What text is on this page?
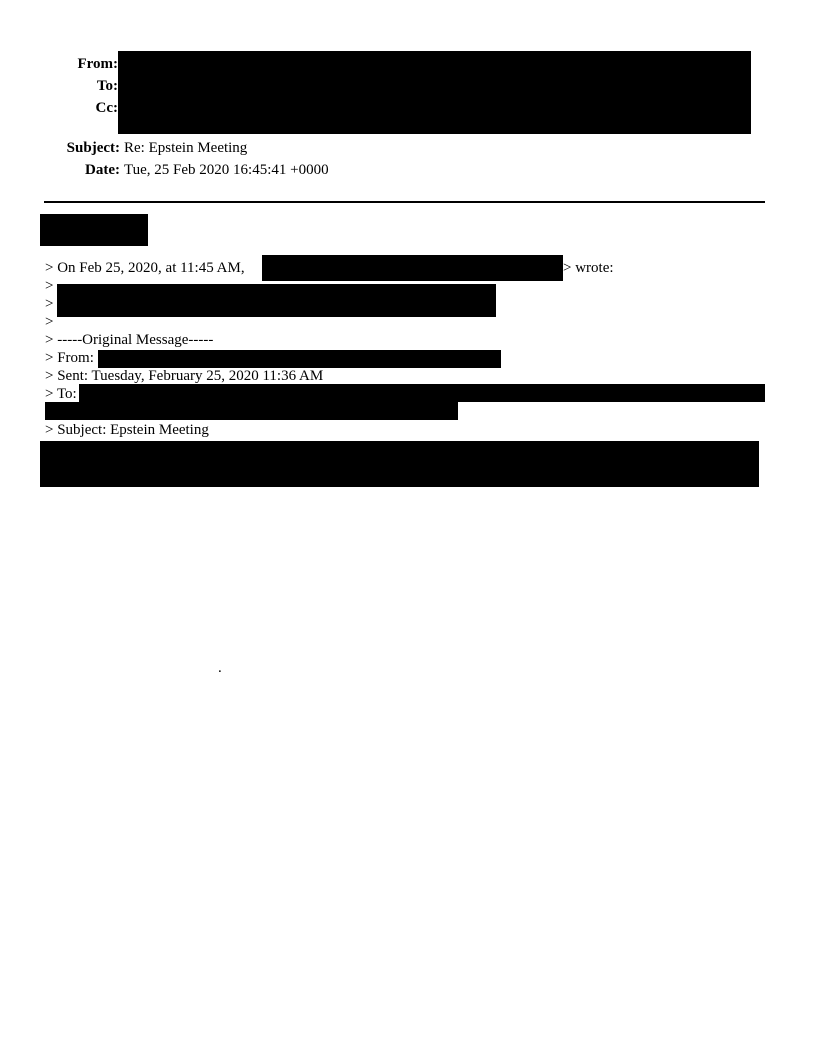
From:
To:
Cc:
Subject: Re: Epstein Meeting
Date: Tue, 25 Feb 2020 16:45:41 +0000
> On Feb 25, 2020, at 11:45 AM,	> wrote:
>
>
>
> -----Original Message-----
> From:
> Sent: Tuesday, February 25, 2020 11:36 AM
> To:
> Subject: Epstein Meeting
.
